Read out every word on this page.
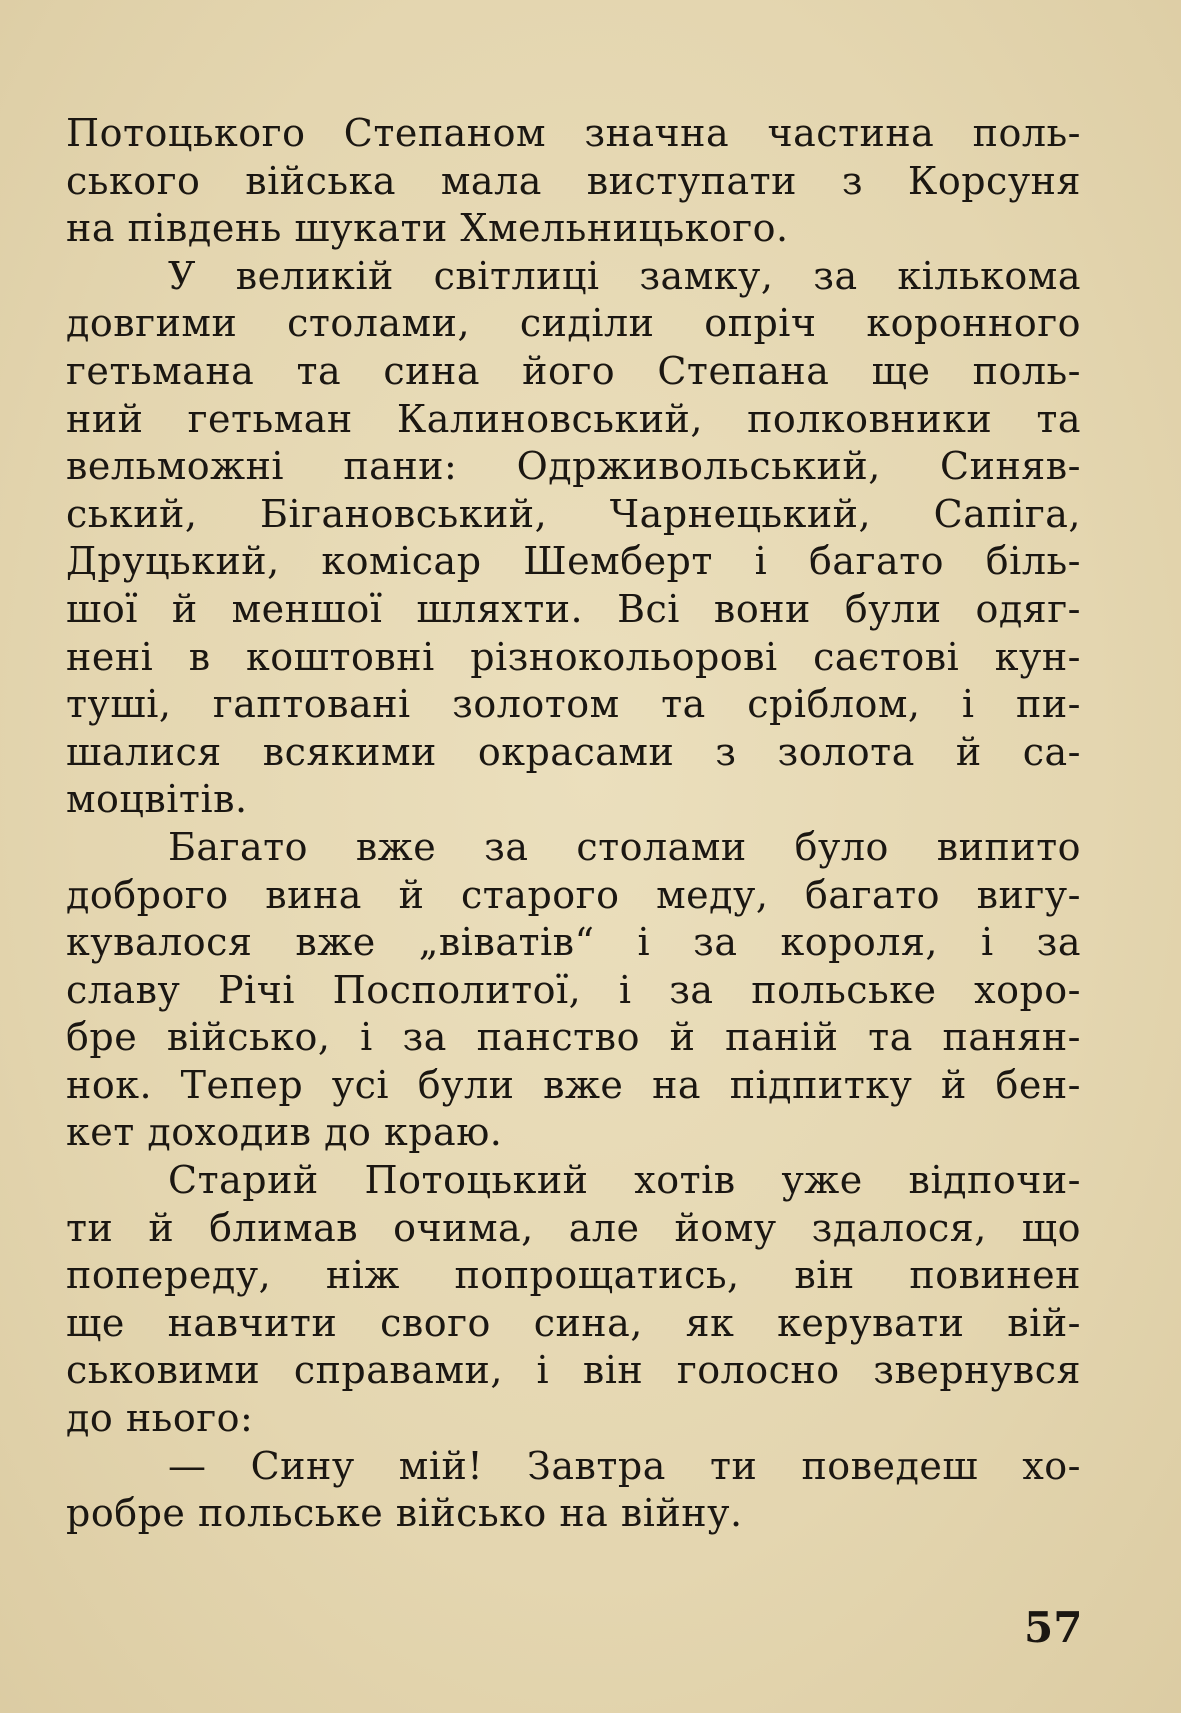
Потоцького Степаном значна частина поль-
ського війська мала виступати з Корсуня
на південь шукати Хмельницького.
У великій світлиці замку, за кількома
довгими столами, сиділи опріч коронного
гетьмана та сина його Степана ще поль-
ний гетьман Калиновський, полковники та
вельможні пани: Одрживольський, Синяв-
ський, Бігановський, Чарнецький, Сапіга,
Друцький, комісар Шемберт і багато біль-
шої й меншої шляхти. Всі вони були одяг-
нені в коштовні різнокольорові саєтові кун-
туші, гаптовані золотом та сріблом, і пи-
шалися всякими окрасами з золота й са-
моцвітів.
Багато вже за столами було випито
доброго вина й старого меду, багато вигу-
кувалося вже „віватів“ і за короля, і за
славу Річі Посполитої, і за польське хоро-
бре військо, і за панство й паній та панян-
нок. Тепер усі були вже на підпитку й бен-
кет доходив до краю.
Старий Потоцький хотів уже відпочи-
ти й блимав очима, але йому здалося, що
попереду, ніж попрощатись, він повинен
ще навчити свого сина, як керувати вій-
ськовими справами, і він голосно звернувся
до нього:
— Сину мій! Завтра ти поведеш хо-
робре польське військо на війну.
57
